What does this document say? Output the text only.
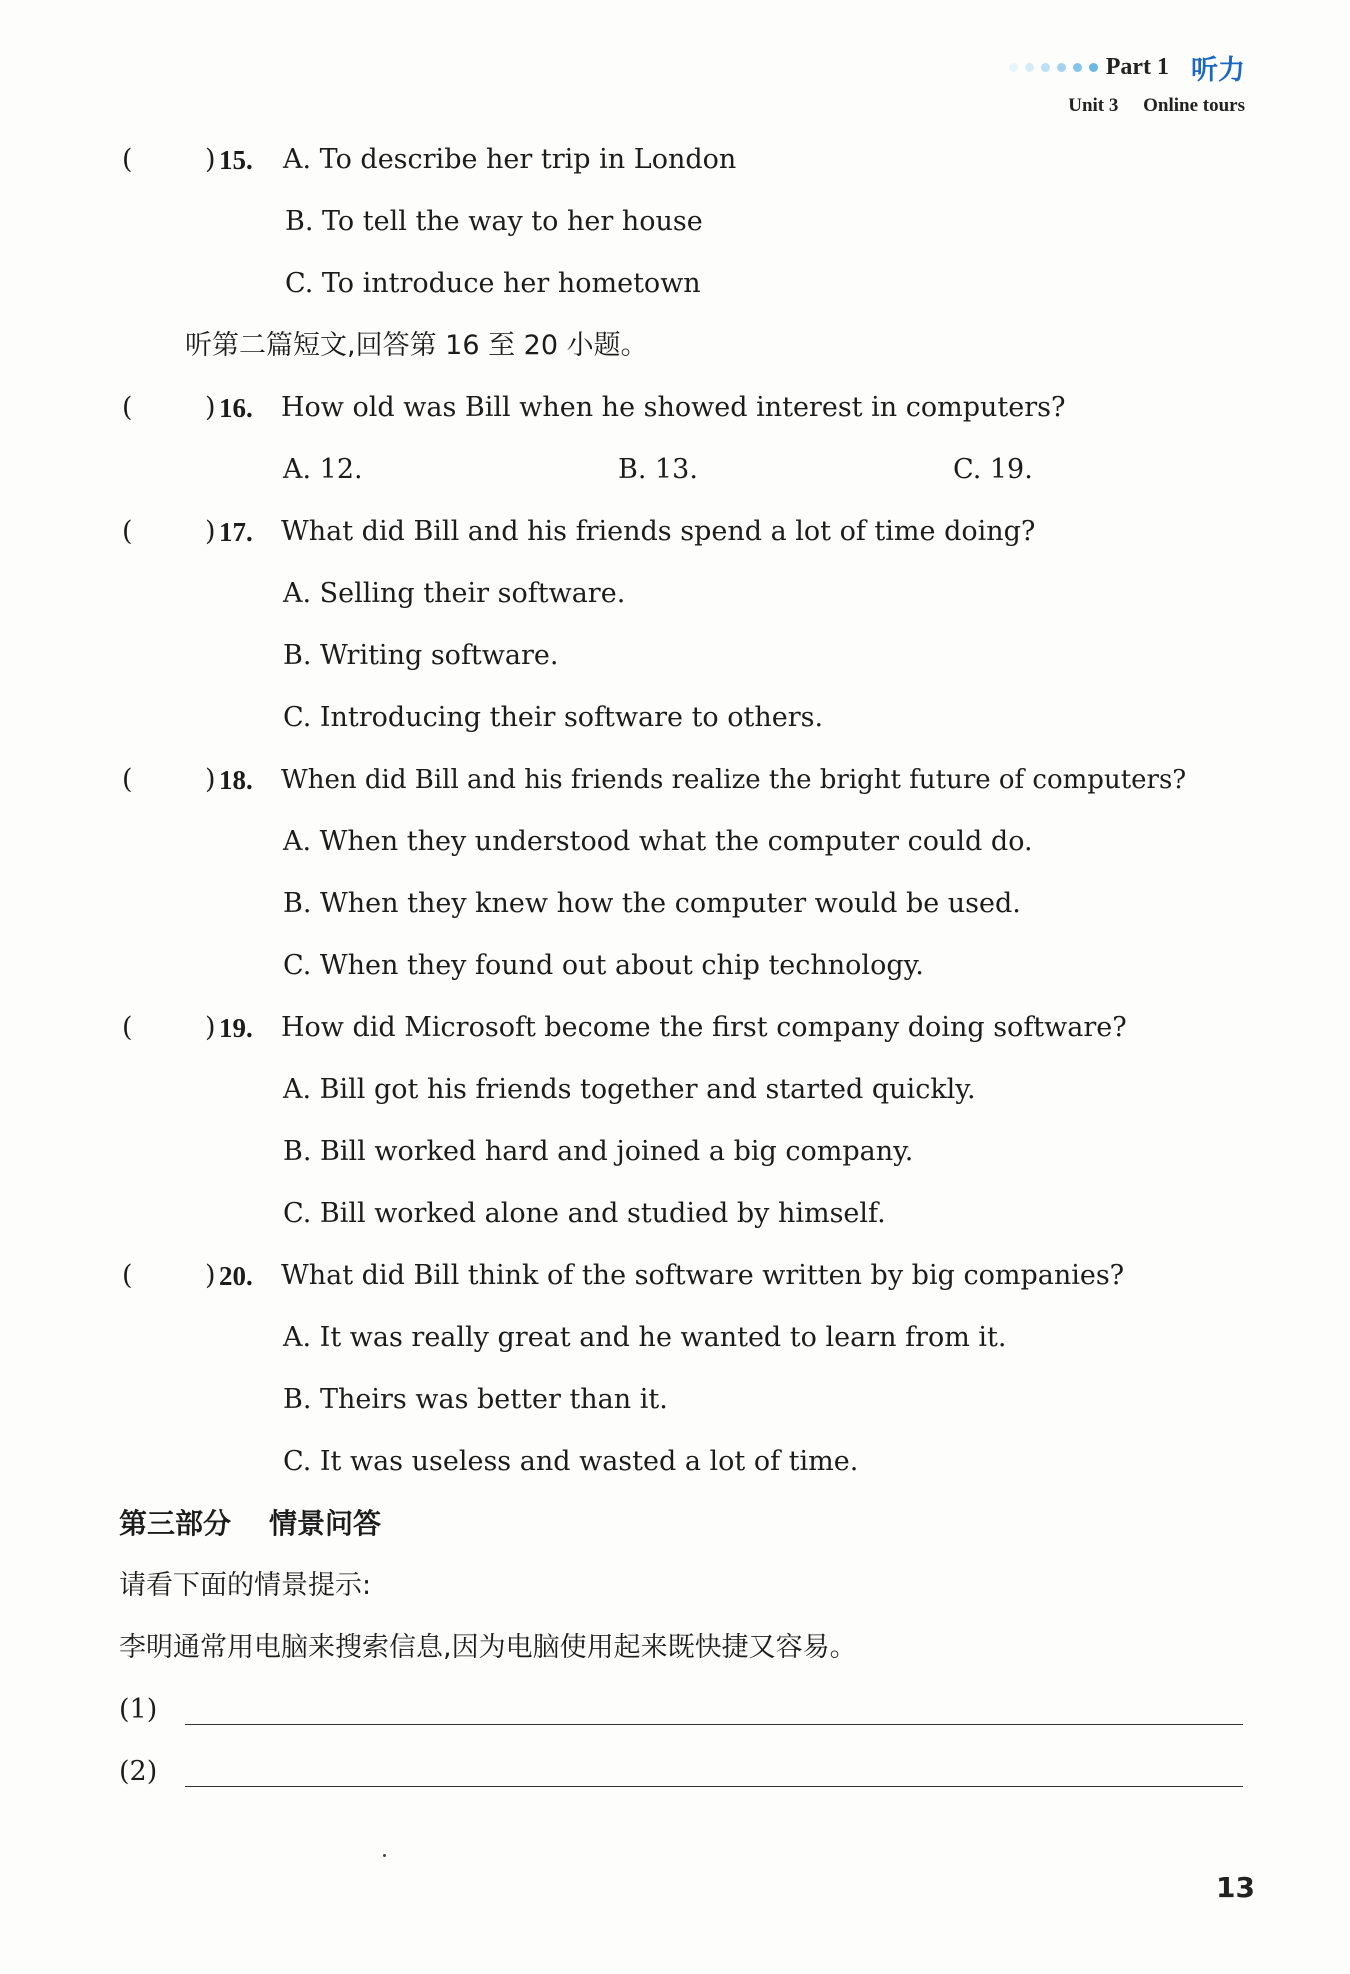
Part 1 听力
Unit 3 Online tours
(	) 15. A. To describe her trip in London
B. To tell the way to her house
C. To introduce her hometown
听第二篇短文,回答第 16 至 20 小题。
(	) 16. How old was Bill when he showed interest in computers?
A. 12.	B. 13.	C. 19.
(	) 17. What did Bill and his friends spend a lot of time doing?
A. Selling their software.
B. Writing software.
C. Introducing their software to others.
(	) 18. When did Bill and his friends realize the bright future of computers?
A. When they understood what the computer could do.
B. When they knew how the computer would be used.
C. When they found out about chip technology.
(	) 19. How did Microsoft become the first company doing software?
A. Bill got his friends together and started quickly.
B. Bill worked hard and joined a big company.
C. Bill worked alone and studied by himself.
(	) 20. What did Bill think of the software written by big companies?
A. It was really great and he wanted to learn from it.
B. Theirs was better than it.
C. It was useless and wasted a lot of time.
第三部分 情景问答
请看下面的情景提示:
李明通常用电脑来搜索信息,因为电脑使用起来既快捷又容易。
(1)
(2)
13
